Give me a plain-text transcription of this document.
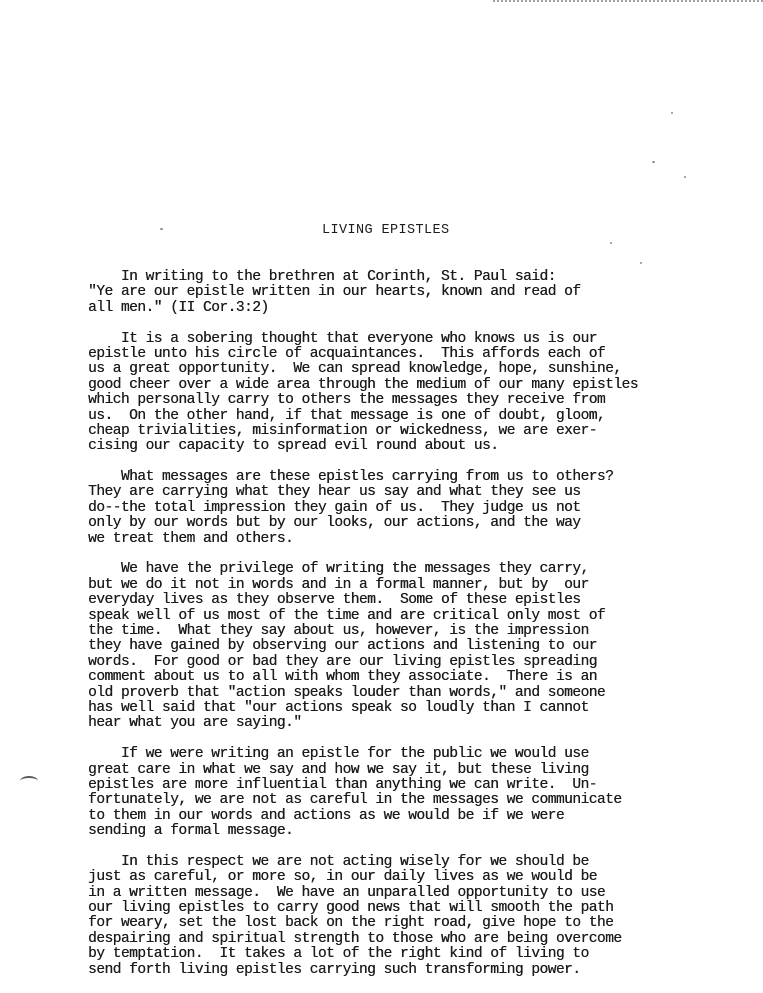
LIVING EPISTLES
In writing to the brethren at Corinth, St. Paul said:
"Ye are our epistle written in our hearts, known and read of
all men." (II Cor.3:2)
It is a sobering thought that everyone who knows us is our
epistle unto his circle of acquaintances.  This affords each of
us a great opportunity.  We can spread knowledge, hope, sunshine,
good cheer over a wide area through the medium of our many epistles
which personally carry to others the messages they receive from
us.  On the other hand, if that message is one of doubt, gloom,
cheap trivialities, misinformation or wickedness, we are exer-
cising our capacity to spread evil round about us.
What messages are these epistles carrying from us to others?
They are carrying what they hear us say and what they see us
do--the total impression they gain of us.  They judge us not
only by our words but by our looks, our actions, and the way
we treat them and others.
We have the privilege of writing the messages they carry,
but we do it not in words and in a formal manner, but by  our
everyday lives as they observe them.  Some of these epistles
speak well of us most of the time and are critical only most of
the time.  What they say about us, however, is the impression
they have gained by observing our actions and listening to our
words.  For good or bad they are our living epistles spreading
comment about us to all with whom they associate.  There is an
old proverb that "action speaks louder than words," and someone
has well said that "our actions speak so loudly than I cannot
hear what you are saying."
If we were writing an epistle for the public we would use
great care in what we say and how we say it, but these living
epistles are more influential than anything we can write.  Un-
fortunately, we are not as careful in the messages we communicate
to them in our words and actions as we would be if we were
sending a formal message.
In this respect we are not acting wisely for we should be
just as careful, or more so, in our daily lives as we would be
in a written message.  We have an unparalled opportunity to use
our living epistles to carry good news that will smooth the path
for weary, set the lost back on the right road, give hope to the
despairing and spiritual strength to those who are being overcome
by temptation.  It takes a lot of the right kind of living to
send forth living epistles carrying such transforming power.
